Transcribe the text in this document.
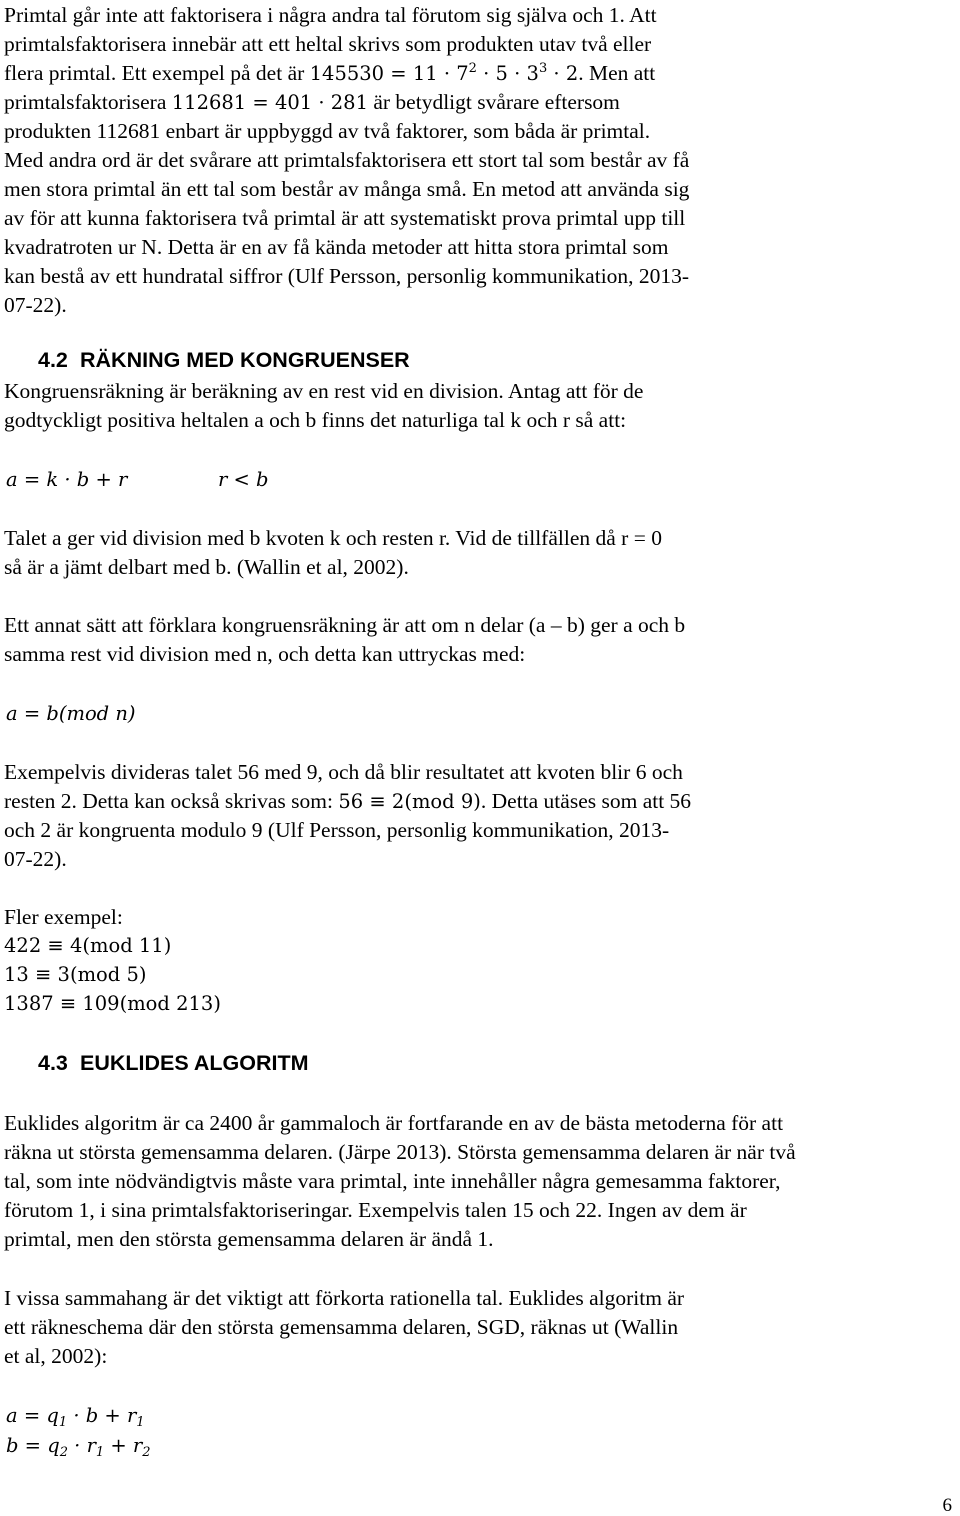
Primtal går inte att faktorisera i några andra tal förutom sig själva och 1. Att
primtalsfaktorisera innebär att ett heltal skrivs som produkten utav två eller
flera primtal. Ett exempel på det är $145530 = 11 \cdot 7^2 \cdot 5 \cdot 3^3 \cdot 2$. Men att
primtalsfaktorisera 112681 = 401 · 281 är betydligt svårare eftersom
produkten 112681 enbart är uppbyggd av två faktorer, som båda är primtal.
Med andra ord är det svårare att primtalsfaktorisera ett stort tal som består av få
men stora primtal än ett tal som består av många små. En metod att använda sig
av för att kunna faktorisera två primtal är att systematiskt prova primtal upp till
kvadratroten ur N. Detta är en av få kända metoder att hitta stora primtal som
kan bestå av ett hundratal siffror (Ulf Persson, personlig kommunikation, 2013-
07-22).
4.2 RÄKNING MED KONGRUENSER
Kongruensräkning är beräkning av en rest vid en division. Antag att för de
godtyckligt positiva heltalen a och b finns det naturliga tal k och r så att:
a = k · b + r	r < b
Talet a ger vid division med b kvoten k och resten r. Vid de tillfällen då r = 0
så är a jämt delbart med b. (Wallin et al, 2002).
Ett annat sätt att förklara kongruensräkning är att om n delar (a – b) ger a och b
samma rest vid division med n, och detta kan uttryckas med:
a = b(mod n)
Exempelvis divideras talet 56 med 9, och då blir resultatet att kvoten blir 6 och
resten 2. Detta kan också skrivas som: 56 ≡ 2(mod 9). Detta utäses som att 56
och 2 är kongruenta modulo 9 (Ulf Persson, personlig kommunikation, 2013-
07-22).
Fler exempel:
422 ≡ 4(mod 11)
13 ≡ 3(mod 5)
1387 ≡ 109(mod 213)
4.3 EUKLIDES ALGORITM
Euklides algoritm är ca 2400 år gammaloch är fortfarande en av de bästa metoderna för att
räkna ut största gemensamma delaren. (Järpe 2013). Största gemensamma delaren är när två
tal, som inte nödvändigtvis måste vara primtal, inte innehåller några gemesamma faktorer,
förutom 1, i sina primtalsfaktoriseringar. Exempelvis talen 15 och 22. Ingen av dem är
primtal, men den största gemensamma delaren är ändå 1.
I vissa sammahang är det viktigt att förkorta rationella tal. Euklides algoritm är
ett räkneschema där den största gemensamma delaren, SGD, räknas ut (Wallin
et al, 2002):
$a = q_1 \cdot b + r_1$
$b = q_2 \cdot r_1 + r_2$
6
